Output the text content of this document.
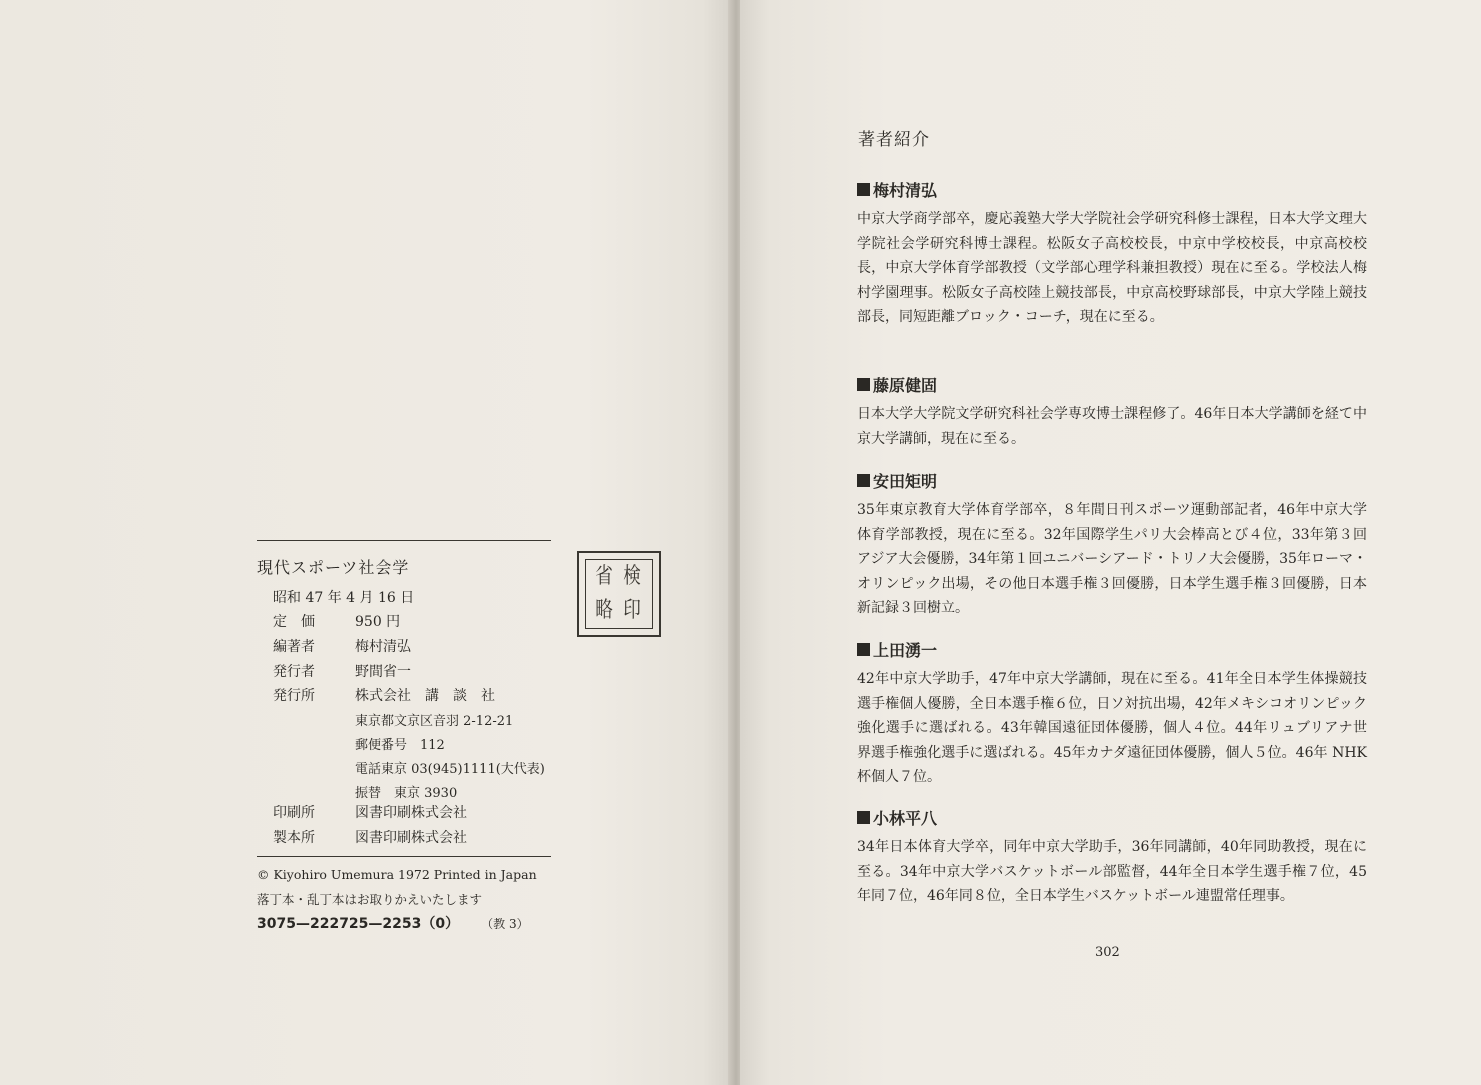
現代スポーツ社会学
昭和 47 年 4 月 16 日
定　価	950 円
編著者	梅村清弘
発行者	野間省一
発行所	株式会社　講　談　社
東京都文京区音羽 2-12-21
郵便番号　112
電話東京 03(945)1111(大代表)
振替　東京 3930
印刷所	図書印刷株式会社
製本所	図書印刷株式会社
© Kiyohiro Umemura 1972 Printed in Japan
落丁本・乱丁本はお取りかえいたします
3075—222725—2253（0） （教 3）
検
印
省
略
著者紹介
梅村清弘
中京大学商学部卒，慶応義塾大学大学院社会学研究科修士課程，日本大学文理大学院社会学研究科博士課程。松阪女子高校校長，中京中学校校長，中京高校校長，中京大学体育学部教授（文学部心理学科兼担教授）現在に至る。学校法人梅村学園理事。松阪女子高校陸上競技部長，中京高校野球部長，中京大学陸上競技部長，同短距離ブロック・コーチ，現在に至る。
藤原健固
日本大学大学院文学研究科社会学専攻博士課程修了。46年日本大学講師を経て中京大学講師，現在に至る。
安田矩明
35年東京教育大学体育学部卒，８年間日刊スポーツ運動部記者，46年中京大学体育学部教授，現在に至る。32年国際学生パリ大会棒高とび４位，33年第３回アジア大会優勝，34年第１回ユニバーシアード・トリノ大会優勝，35年ローマ・オリンピック出場，その他日本選手権３回優勝，日本学生選手権３回優勝，日本新記録３回樹立。
上田湧一
42年中京大学助手，47年中京大学講師，現在に至る。41年全日本学生体操競技選手権個人優勝，全日本選手権６位，日ソ対抗出場，42年メキシコオリンピック強化選手に選ばれる。43年韓国遠征団体優勝，個人４位。44年リュブリアナ世界選手権強化選手に選ばれる。45年カナダ遠征団体優勝，個人５位。46年 NHK 杯個人７位。
小林平八
34年日本体育大学卒，同年中京大学助手，36年同講師，40年同助教授，現在に至る。34年中京大学バスケットボール部監督，44年全日本学生選手権７位，45年同７位，46年同８位，全日本学生バスケットボール連盟常任理事。
302
